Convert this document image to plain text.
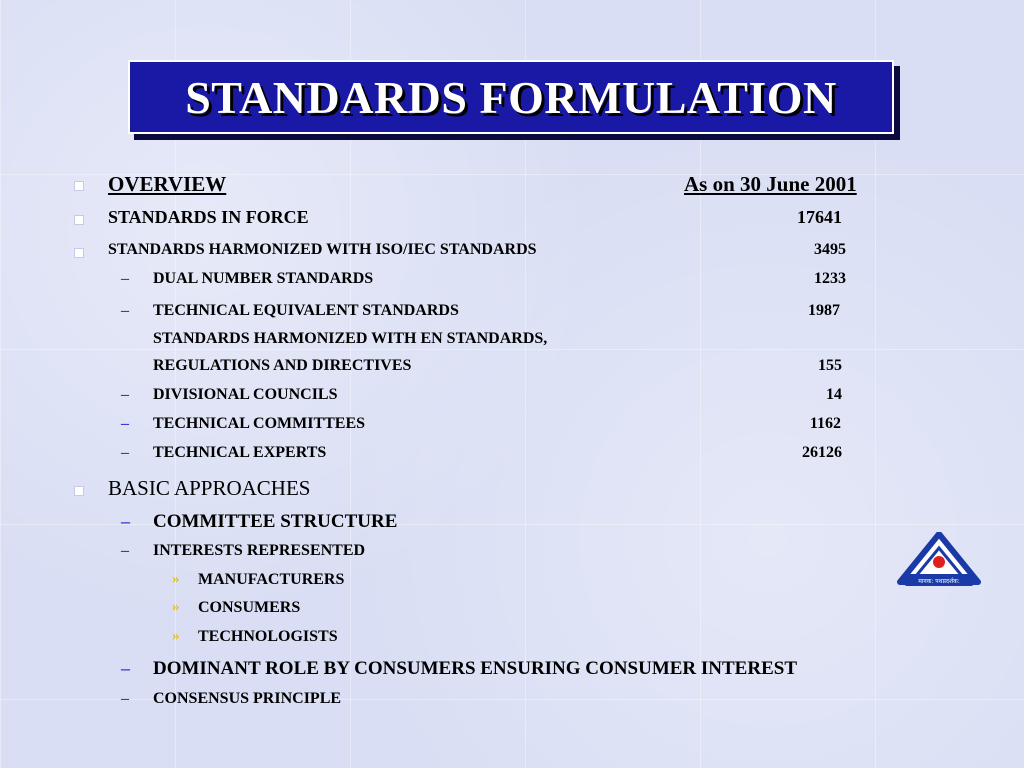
STANDARDS FORMULATION
OVERVIEW	As on 30 June 2001
STANDARDS IN FORCE	17641
STANDARDS HARMONIZED WITH ISO/IEC STANDARDS	3495
– DUAL NUMBER STANDARDS	1233
– TECHNICAL EQUIVALENT STANDARDS	1987
STANDARDS HARMONIZED WITH EN STANDARDS,
REGULATIONS AND DIRECTIVES	155
– DIVISIONAL COUNCILS	14
– TECHNICAL COMMITTEES	1162
– TECHNICAL EXPERTS	26126
BASIC APPROACHES
– COMMITTEE STRUCTURE
– INTERESTS REPRESENTED
» MANUFACTURERS
» CONSUMERS
» TECHNOLOGISTS
– DOMINANT ROLE BY CONSUMERS ENSURING CONSUMER INTEREST
– CONSENSUS PRINCIPLE
मानक: पथप्रदर्शक:
